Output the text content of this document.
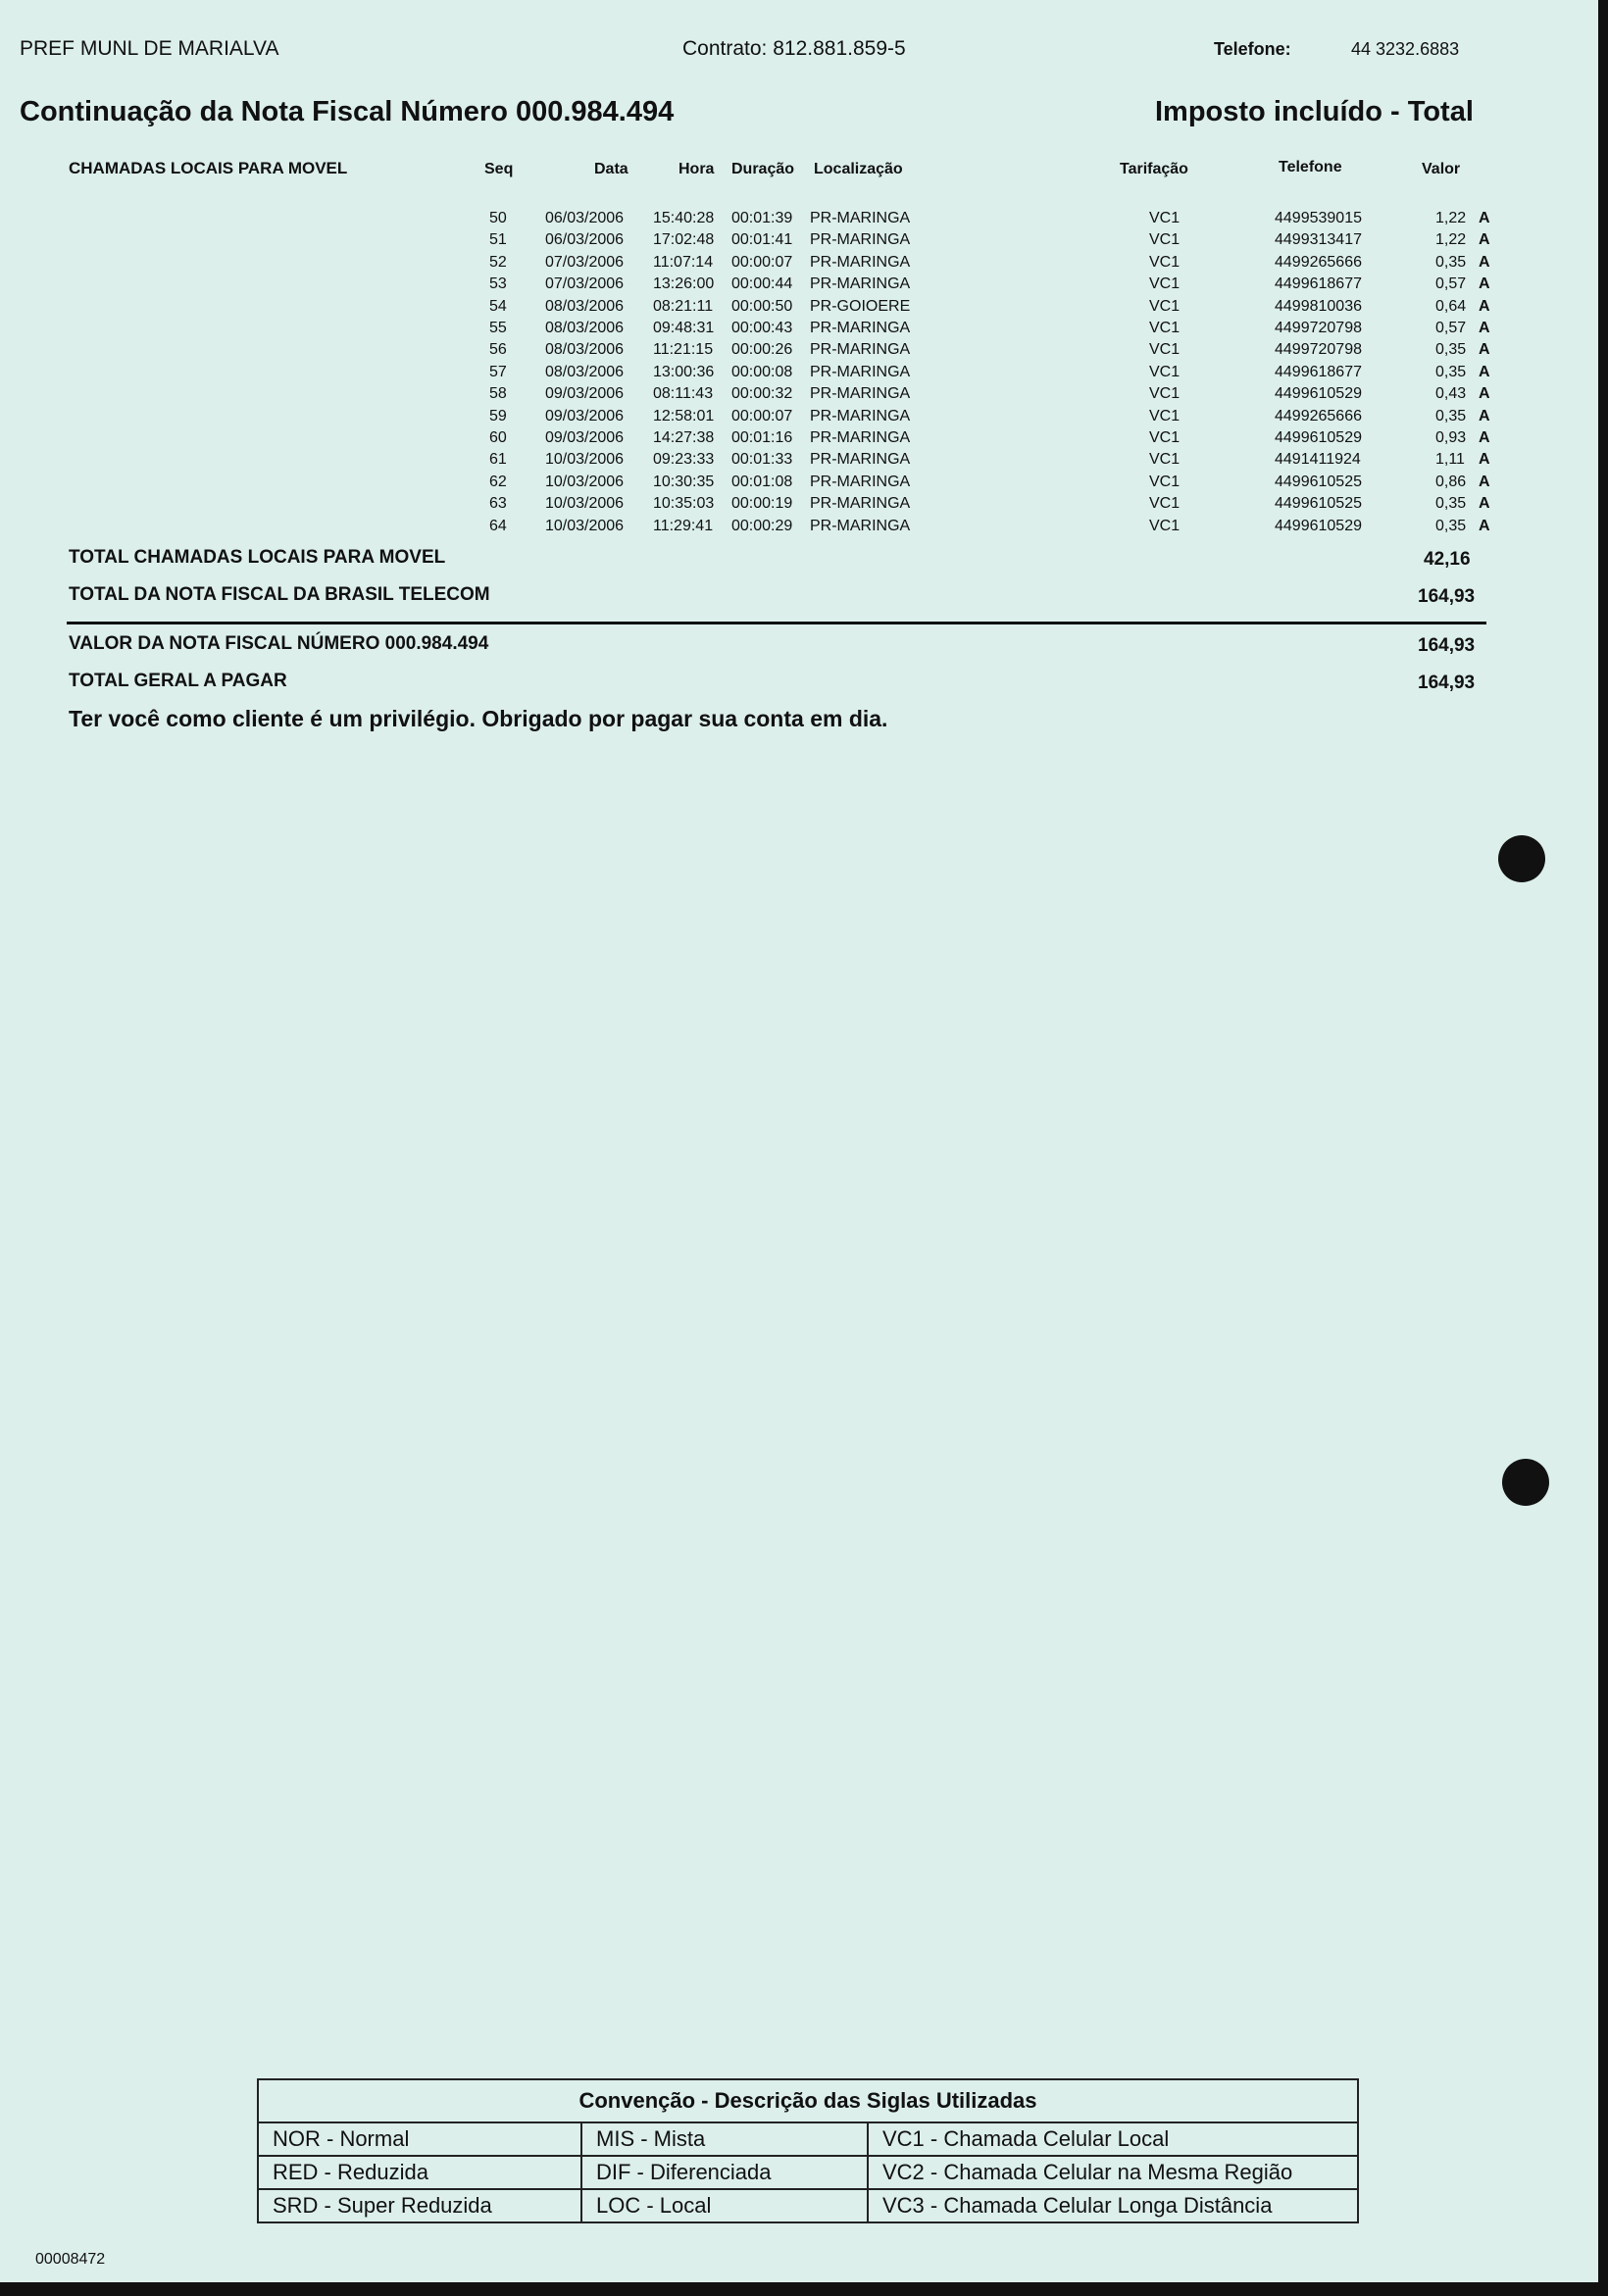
PREF MUNL DE MARIALVA	Contrato: 812.881.859-5	Telefone:	44 3232.6883
Continuação da Nota Fiscal Número 000.984.494	Imposto incluído - Total
CHAMADAS LOCAIS PARA MOVEL	Seq	Data	Hora Duração Localização	Tarifação	Telefone	Valor
50 06/03/2006 15:40:28 00:01:39 PR-MARINGA	VC1	4499539015	1,22 A
51 06/03/2006 17:02:48 00:01:41 PR-MARINGA	VC1	4499313417	1,22 A
52 07/03/2006 11:07:14 00:00:07 PR-MARINGA	VC1	4499265666	0,35 A
53 07/03/2006 13:26:00 00:00:44 PR-MARINGA	VC1	4499618677	0,57 A
54 08/03/2006 08:21:11 00:00:50 PR-GOIOERE	VC1	4499810036	0,64 A
55 08/03/2006 09:48:31 00:00:43 PR-MARINGA	VC1	4499720798	0,57 A
56 08/03/2006 11:21:15 00:00:26 PR-MARINGA	VC1	4499720798	0,35 A
57 08/03/2006 13:00:36 00:00:08 PR-MARINGA	VC1	4499618677	0,35 A
58 09/03/2006 08:11:43 00:00:32 PR-MARINGA	VC1	4499610529	0,43 A
59 09/03/2006 12:58:01 00:00:07 PR-MARINGA	VC1	4499265666	0,35 A
60 09/03/2006 14:27:38 00:01:16 PR-MARINGA	VC1	4499610529	0,93 A
61 10/03/2006 09:23:33 00:01:33 PR-MARINGA	VC1	4491411924	1,11 A
62 10/03/2006 10:30:35 00:01:08 PR-MARINGA	VC1	4499610525	0,86 A
63 10/03/2006 10:35:03 00:00:19 PR-MARINGA	VC1	4499610525	0,35 A
64 10/03/2006 11:29:41 00:00:29 PR-MARINGA	VC1	4499610529	0,35 A
TOTAL CHAMADAS LOCAIS PARA MOVEL	42,16
TOTAL DA NOTA FISCAL DA BRASIL TELECOM	164,93
VALOR DA NOTA FISCAL NÚMERO 000.984.494	164,93
TOTAL GERAL A PAGAR	164,93
Ter você como cliente é um privilégio. Obrigado por pagar sua conta em dia.
Convenção - Descrição das Siglas Utilizadas		
NOR - Normal	MIS - Mista	VC1 - Chamada Celular Local
RED - Reduzida	DIF - Diferenciada	VC2 - Chamada Celular na Mesma Região
SRD - Super Reduzida	LOC - Local	VC3 - Chamada Celular Longa Distância
00008472
